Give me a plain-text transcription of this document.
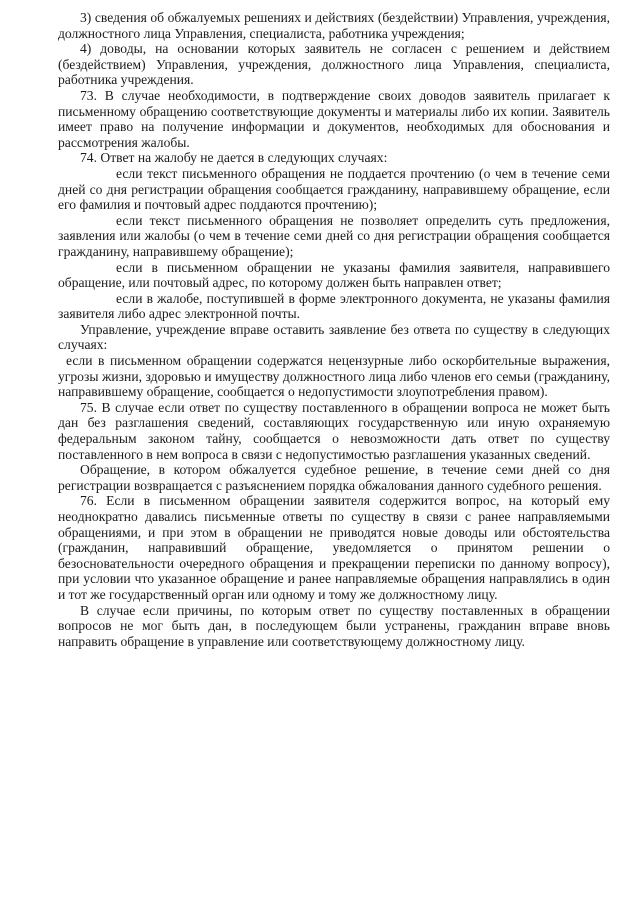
3) сведения об обжалуемых решениях и действиях (бездействии) Управления, учреждения, должностного лица Управления, специалиста, работника учреждения;

4) доводы, на основании которых заявитель не согласен с решением и действием (бездействием) Управления, учреждения, должностного лица Управления, специалиста, работника учреждения.

73. В случае необходимости, в подтверждение своих доводов заявитель прилагает к письменному обращению соответствующие документы и материалы либо их копии. Заявитель имеет право на получение информации и документов, необходимых для обоснования и рассмотрения жалобы.

74. Ответ на жалобу не дается в следующих случаях:

если текст письменного обращения не поддается прочтению (о чем в течение семи дней со дня регистрации обращения сообщается гражданину, направившему обращение, если его фамилия и почтовый адрес поддаются прочтению);

если текст письменного обращения не позволяет определить суть предложения, заявления или жалобы (о чем в течение семи дней со дня регистрации обращения сообщается гражданину, направившему обращение);

если в письменном обращении не указаны фамилия заявителя, направившего обращение, или почтовый адрес, по которому должен быть направлен ответ;

если в жалобе, поступившей в форме электронного документа, не указаны фамилия заявителя либо адрес электронной почты.

Управление, учреждение вправе оставить заявление без ответа по существу в следующих случаях:

если в письменном обращении содержатся нецензурные либо оскорбительные выражения, угрозы жизни, здоровью и имуществу должностного лица либо членов его семьи (гражданину, направившему обращение, сообщается о недопустимости злоупотребления правом).

75. В случае если ответ по существу поставленного в обращении вопроса не может быть дан без разглашения сведений, составляющих государственную или иную охраняемую федеральным законом тайну, сообщается о невозможности дать ответ по существу поставленного в нем вопроса в связи с недопустимостью разглашения указанных сведений.

Обращение, в котором обжалуется судебное решение, в течение семи дней со дня регистрации возвращается с разъяснением порядка обжалования данного судебного решения.

76. Если в письменном обращении заявителя содержится вопрос, на который ему неоднократно давались письменные ответы по существу в связи с ранее направляемыми обращениями, и при этом в обращении не приводятся новые доводы или обстоятельства (гражданин, направивший обращение, уведомляется о принятом решении о безосновательности очередного обращения и прекращении переписки по данному вопросу), при условии что указанное обращение и ранее направляемые обращения направлялись в один и тот же государственный орган или одному и тому же должностному лицу.

В случае если причины, по которым ответ по существу поставленных в обращении вопросов не мог быть дан, в последующем были устранены, гражданин вправе вновь направить обращение в управление или соответствующему должностному лицу.
